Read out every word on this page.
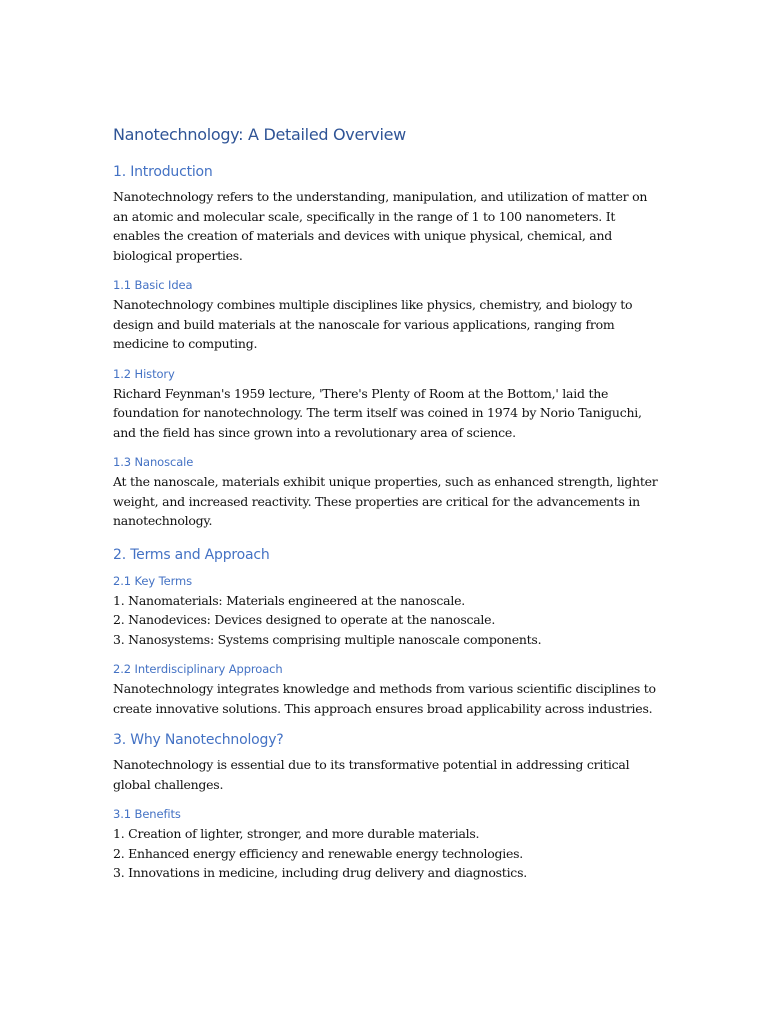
Nanotechnology: A Detailed Overview
1. Introduction
Nanotechnology refers to the understanding, manipulation, and utilization of matter on an atomic and molecular scale, specifically in the range of 1 to 100 nanometers. It enables the creation of materials and devices with unique physical, chemical, and biological properties.
1.1 Basic Idea
Nanotechnology combines multiple disciplines like physics, chemistry, and biology to design and build materials at the nanoscale for various applications, ranging from medicine to computing.
1.2 History
Richard Feynman's 1959 lecture, 'There's Plenty of Room at the Bottom,' laid the foundation for nanotechnology. The term itself was coined in 1974 by Norio Taniguchi, and the field has since grown into a revolutionary area of science.
1.3 Nanoscale
At the nanoscale, materials exhibit unique properties, such as enhanced strength, lighter weight, and increased reactivity. These properties are critical for the advancements in nanotechnology.
2. Terms and Approach
2.1 Key Terms
1. Nanomaterials: Materials engineered at the nanoscale.
2. Nanodevices: Devices designed to operate at the nanoscale.
3. Nanosystems: Systems comprising multiple nanoscale components.
2.2 Interdisciplinary Approach
Nanotechnology integrates knowledge and methods from various scientific disciplines to create innovative solutions. This approach ensures broad applicability across industries.
3. Why Nanotechnology?
Nanotechnology is essential due to its transformative potential in addressing critical global challenges.
3.1 Benefits
1. Creation of lighter, stronger, and more durable materials.
2. Enhanced energy efficiency and renewable energy technologies.
3. Innovations in medicine, including drug delivery and diagnostics.
